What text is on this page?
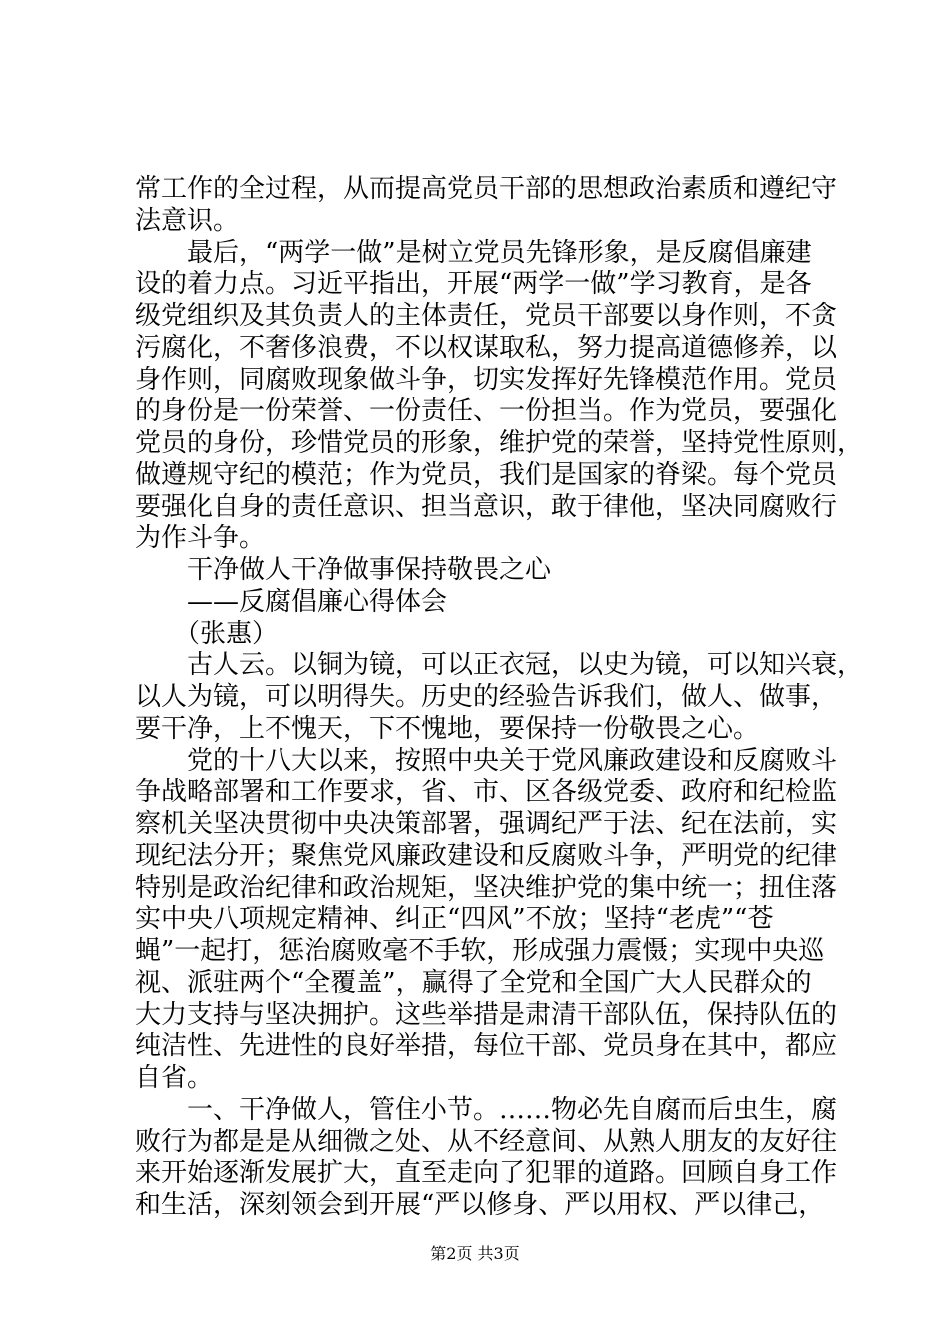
常工作的全过程，从而提高党员干部的思想政治素质和遵纪守
法意识。
　　最后，“两学一做”是树立党员先锋形象，是反腐倡廉建
设的着力点。习近平指出，开展“两学一做”学习教育，是各
级党组织及其负责人的主体责任，党员干部要以身作则，不贪
污腐化，不奢侈浪费，不以权谋取私，努力提高道德修养，以
身作则，同腐败现象做斗争，切实发挥好先锋模范作用。党员
的身份是一份荣誉、一份责任、一份担当。作为党员，要强化
党员的身份，珍惜党员的形象，维护党的荣誉，坚持党性原则，
做遵规守纪的模范；作为党员，我们是国家的脊梁。每个党员
要强化自身的责任意识、担当意识，敢于律他，坚决同腐败行
为作斗争。
　　干净做人干净做事保持敬畏之心
　　——反腐倡廉心得体会
　　（张惠）
　　古人云。以铜为镜，可以正衣冠，以史为镜，可以知兴衰，
以人为镜，可以明得失。历史的经验告诉我们，做人、做事，
要干净，上不愧天，下不愧地，要保持一份敬畏之心。
　　党的十八大以来，按照中央关于党风廉政建设和反腐败斗
争战略部署和工作要求，省、市、区各级党委、政府和纪检监
察机关坚决贯彻中央决策部署，强调纪严于法、纪在法前，实
现纪法分开；聚焦党风廉政建设和反腐败斗争，严明党的纪律
特别是政治纪律和政治规矩，坚决维护党的集中统一；扭住落
实中央八项规定精神、纠正“四风”不放；坚持“老虎”“苍
蝇”一起打，惩治腐败毫不手软，形成强力震慑；实现中央巡
视、派驻两个“全覆盖”，赢得了全党和全国广大人民群众的
大力支持与坚决拥护。这些举措是肃清干部队伍，保持队伍的
纯洁性、先进性的良好举措，每位干部、党员身在其中，都应
自省。
　　一、干净做人，管住小节。……物必先自腐而后虫生，腐
败行为都是是从细微之处、从不经意间、从熟人朋友的友好往
第2页 共3页
来开始逐渐发展扩大，直至走向了犯罪的道路。回顾自身工作
和生活，深刻领会到开展“严以修身、严以用权、严以律己，
